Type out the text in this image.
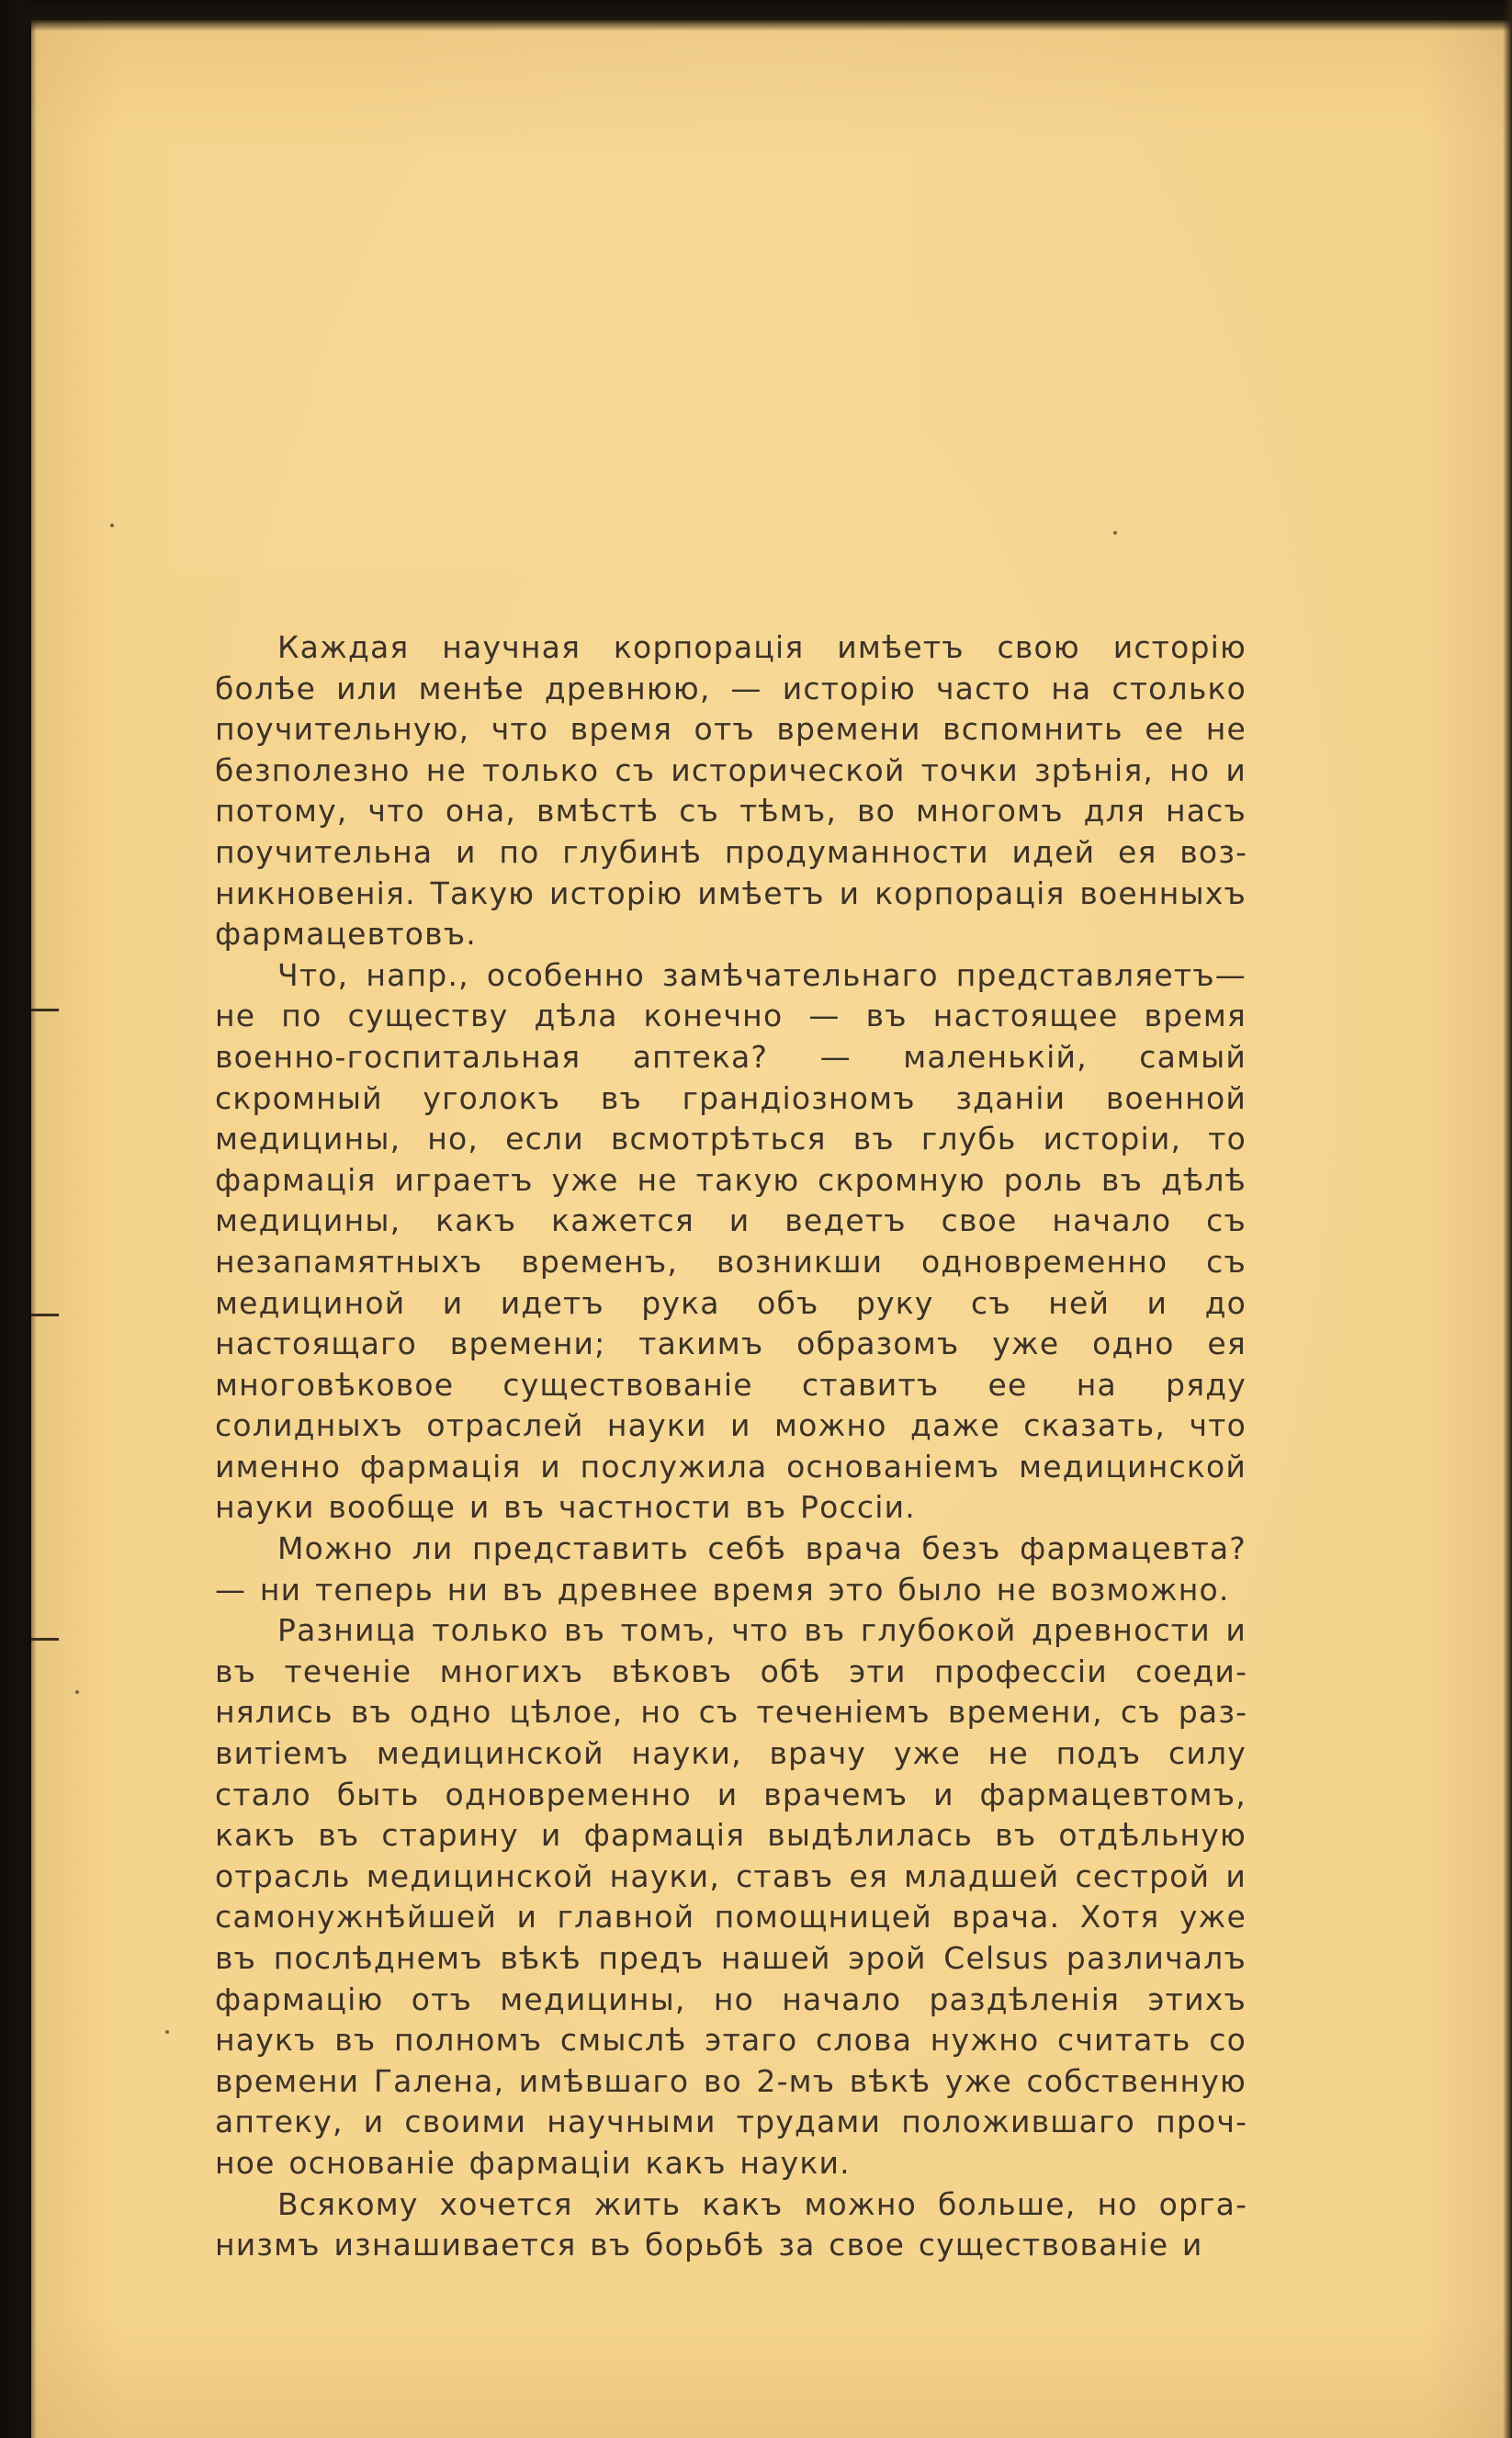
Каждая научная корпорація имѣетъ свою исторію болѣе или менѣе древнюю, — исторію часто на столько поучительную, что время отъ времени вспомнить ее не безполезно не только съ исторической точки зрѣнія, но и потому, что она, вмѣстѣ съ тѣмъ, во многомъ для насъ поучительна и по глубинѣ продуманности идей ея возникновенія. Такую исторію имѣетъ и корпорація военныхъ фармацевтовъ.

Что, напр., особенно замѣчательнаго представляетъ— не по существу дѣла конечно — въ настоящее время военно-госпитальная аптека? — маленькій, самый скромный уголокъ въ грандіозномъ зданіи военной медицины, но, если всмотрѣться въ глубь исторіи, то фармація играетъ уже не такую скромную роль въ дѣлѣ медицины, какъ кажется и ведетъ свое начало съ незапамятныхъ временъ, возникши одновременно съ медициной и идетъ рука объ руку съ ней и до настоящаго времени; такимъ образомъ уже одно ея многовѣковое существованіе ставитъ ее на ряду солидныхъ отраслей науки и можно даже сказать, что именно фармація и послужила основаніемъ медицинской науки вообще и въ частности въ Россіи.

Можно ли представить себѣ врача безъ фармацевта? — ни теперь ни въ древнее время это было не возможно.

Разница только въ томъ, что въ глубокой древности и въ теченіе многихъ вѣковъ обѣ эти профессіи соединялись въ одно цѣлое, но съ теченіемъ времени, съ развитіемъ медицинской науки, врачу уже не подъ силу стало быть одновременно и врачемъ и фармацевтомъ, какъ въ старину и фармація выдѣлилась въ отдѣльную отрасль медицинской науки, ставъ ея младшей сестрой и самонужнѣйшей и главной помощницей врача. Хотя уже въ послѣднемъ вѣкѣ предъ нашей эрой Celsus различалъ фармацію отъ медицины, но начало раздѣленія этихъ наукъ въ полномъ смыслѣ этаго слова нужно считать со времени Галена, имѣвшаго во 2-мъ вѣкѣ уже собственную аптеку, и своими научными трудами положившаго прочное основаніе фармаціи какъ науки.

Всякому хочется жить какъ можно больше, но организмъ изнашивается въ борьбѣ за свое существованіе и
